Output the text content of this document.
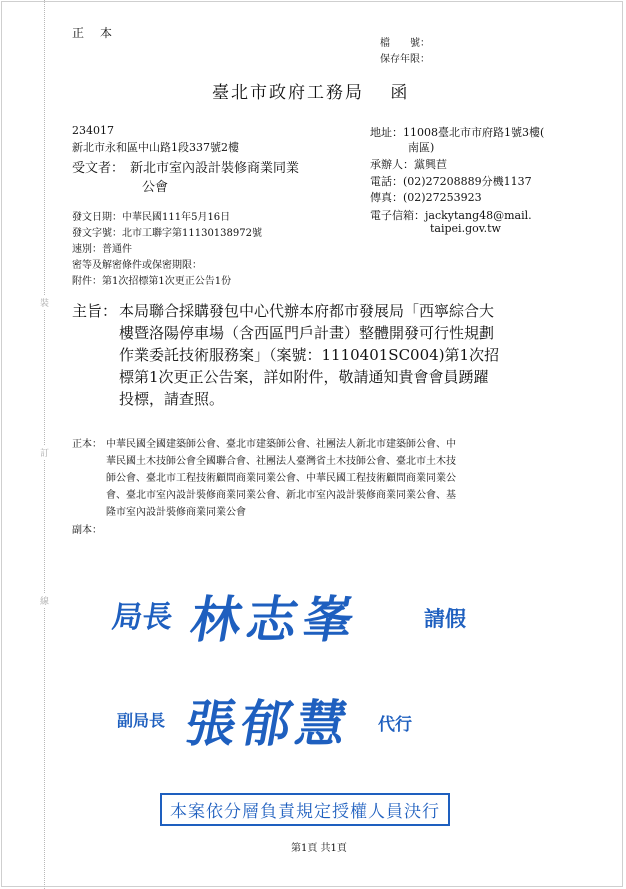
裝
訂
線
正　本
檔　　號：
保存年限：
臺北市政府工務局　 函
234017
新北市永和區中山路1段337號2樓
受文者： 新北市室內設計裝修商業同業
公會
地址：11008臺北市市府路1號3樓(
南區)
承辦人：黨興苣
電話：(02)27208889分機1137
傳真：(02)27253923
電子信箱：jackytang48@mail.
taipei.gov.tw
發文日期：中華民國111年5月16日
發文字號：北市工聯字第11130138972號
速別：普通件
密等及解密條件或保密期限：
附件：第1次招標第1次更正公告1份
主旨： 本局聯合採購發包中心代辦本府都市發展局「西寧綜合大
樓暨洛陽停車場（含西區門戶計畫）整體開發可行性規劃
作業委託技術服務案」（案號：1110401SC004)第1次招
標第1次更正公告案，詳如附件，敬請通知貴會會員踴躍
投標，請查照。
正本： 中華民國全國建築師公會、臺北市建築師公會、社團法人新北市建築師公會、中
華民國土木技師公會全國聯合會、社團法人臺灣省土木技師公會、臺北市土木技
師公會、臺北市工程技術顧問商業同業公會、中華民國工程技術顧問商業同業公
會、臺北市室內設計裝修商業同業公會、新北市室內設計裝修商業同業公會、基
隆市室內設計裝修商業同業公會
副本：
局長 林志峯	請假
副局長 張郁慧 代行
本案依分層負責規定授權人員決行
第1頁 共1頁
